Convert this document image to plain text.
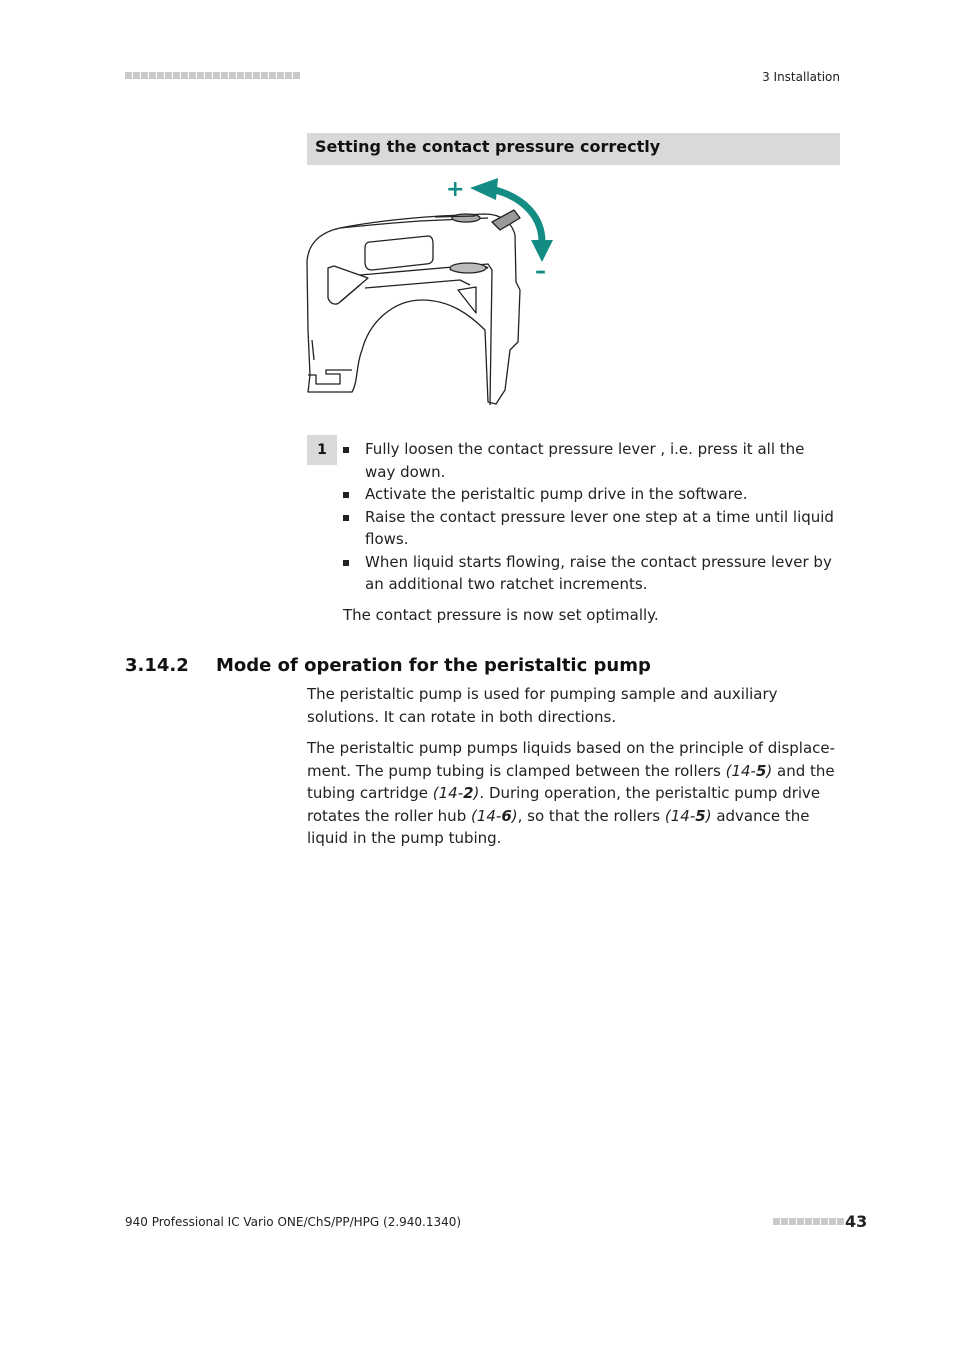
3 Installation
Setting the contact pressure correctly
+
–
1	Fully loosen the contact pressure lever , i.e. press it all the way down.
Activate the peristaltic pump drive in the software.
Raise the contact pressure lever one step at a time until liquid flows.
When liquid starts flowing, raise the contact pressure lever by an additional two ratchet increments.
The contact pressure is now set optimally.
3.14.2 Mode of operation for the peristaltic pump

The peristaltic pump is used for pumping sample and auxiliary solutions. It can rotate in both directions.

The peristaltic pump pumps liquids based on the principle of displace-ment. The pump tubing is clamped between the rollers (14-5) and the tubing cartridge (14-2). During operation, the peristaltic pump drive rotates the roller hub (14-6), so that the rollers (14-5) advance the liquid in the pump tubing.

940 Professional IC Vario ONE/ChS/PP/HPG (2.940.1340)	43
